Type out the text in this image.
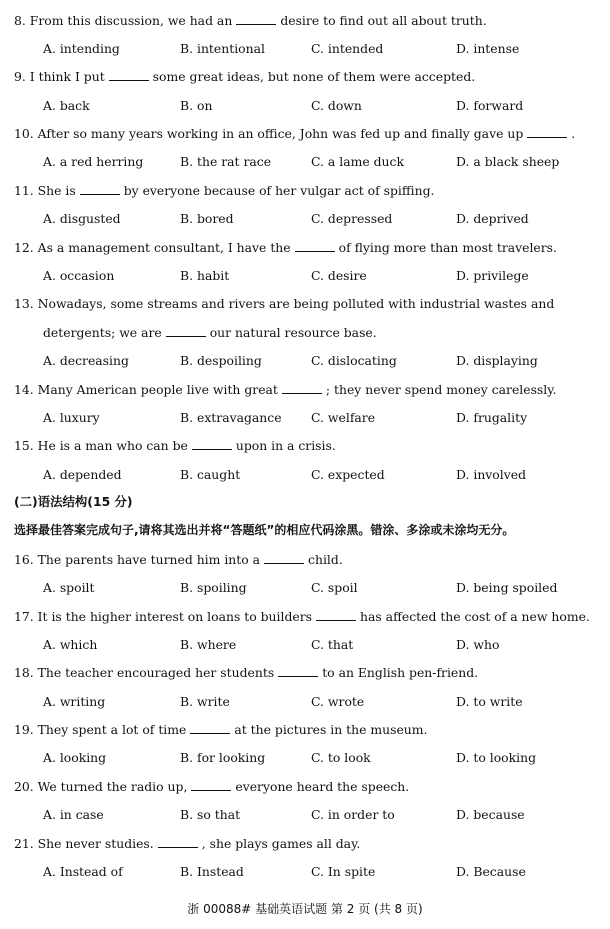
8. From this discussion, we had an	desire to find out all about truth.
A. intending	B. intentional	C. intended	D. intense
9. I think I put	some great ideas, but none of them were accepted.
A. back	B. on	C. down	D. forward
10. After so many years working in an office, John was fed up and finally gave up	.
A. a red herring	B. the rat race	C. a lame duck	D. a black sheep
11. She is	by everyone because of her vulgar act of spiffing.
A. disgusted	B. bored	C. depressed	D. deprived
12. As a management consultant, I have the	of flying more than most travelers.
A. occasion	B. habit	C. desire	D. privilege
13. Nowadays, some streams and rivers are being polluted with industrial wastes and
detergents; we are	our natural resource base.
A. decreasing	B. despoiling	C. dislocating	D. displaying
14. Many American people live with great	; they never spend money carelessly.
A. luxury	B. extravagance C. welfare	D. frugality
15. He is a man who can be	upon in a crisis.
A. depended	B. caught	C. expected	D. involved
(二)语法结构(15 分)
选择最佳答案完成句子,请将其选出并将“答题纸”的相应代码涂黑。错涂、多涂或未涂均无分。
16. The parents have turned him into a	child.
A. spoilt	B. spoiling	C. spoil	D. being spoiled
17. It is the higher interest on loans to builders	has affected the cost of a new home.
A. which	B. where	C. that	D. who
18. The teacher encouraged her students	to an English pen-friend.
A. writing	B. write	C. wrote	D. to write
19. They spent a lot of time	at the pictures in the museum.
A. looking	B. for looking	C. to look	D. to looking
20. We turned the radio up,	everyone heard the speech.
A. in case	B. so that	C. in order to	D. because
21. She never studies.	, she plays games all day.
A. Instead of	B. Instead	C. In spite	D. Because
浙 00088# 基础英语试题 第 2 页 (共 8 页)
